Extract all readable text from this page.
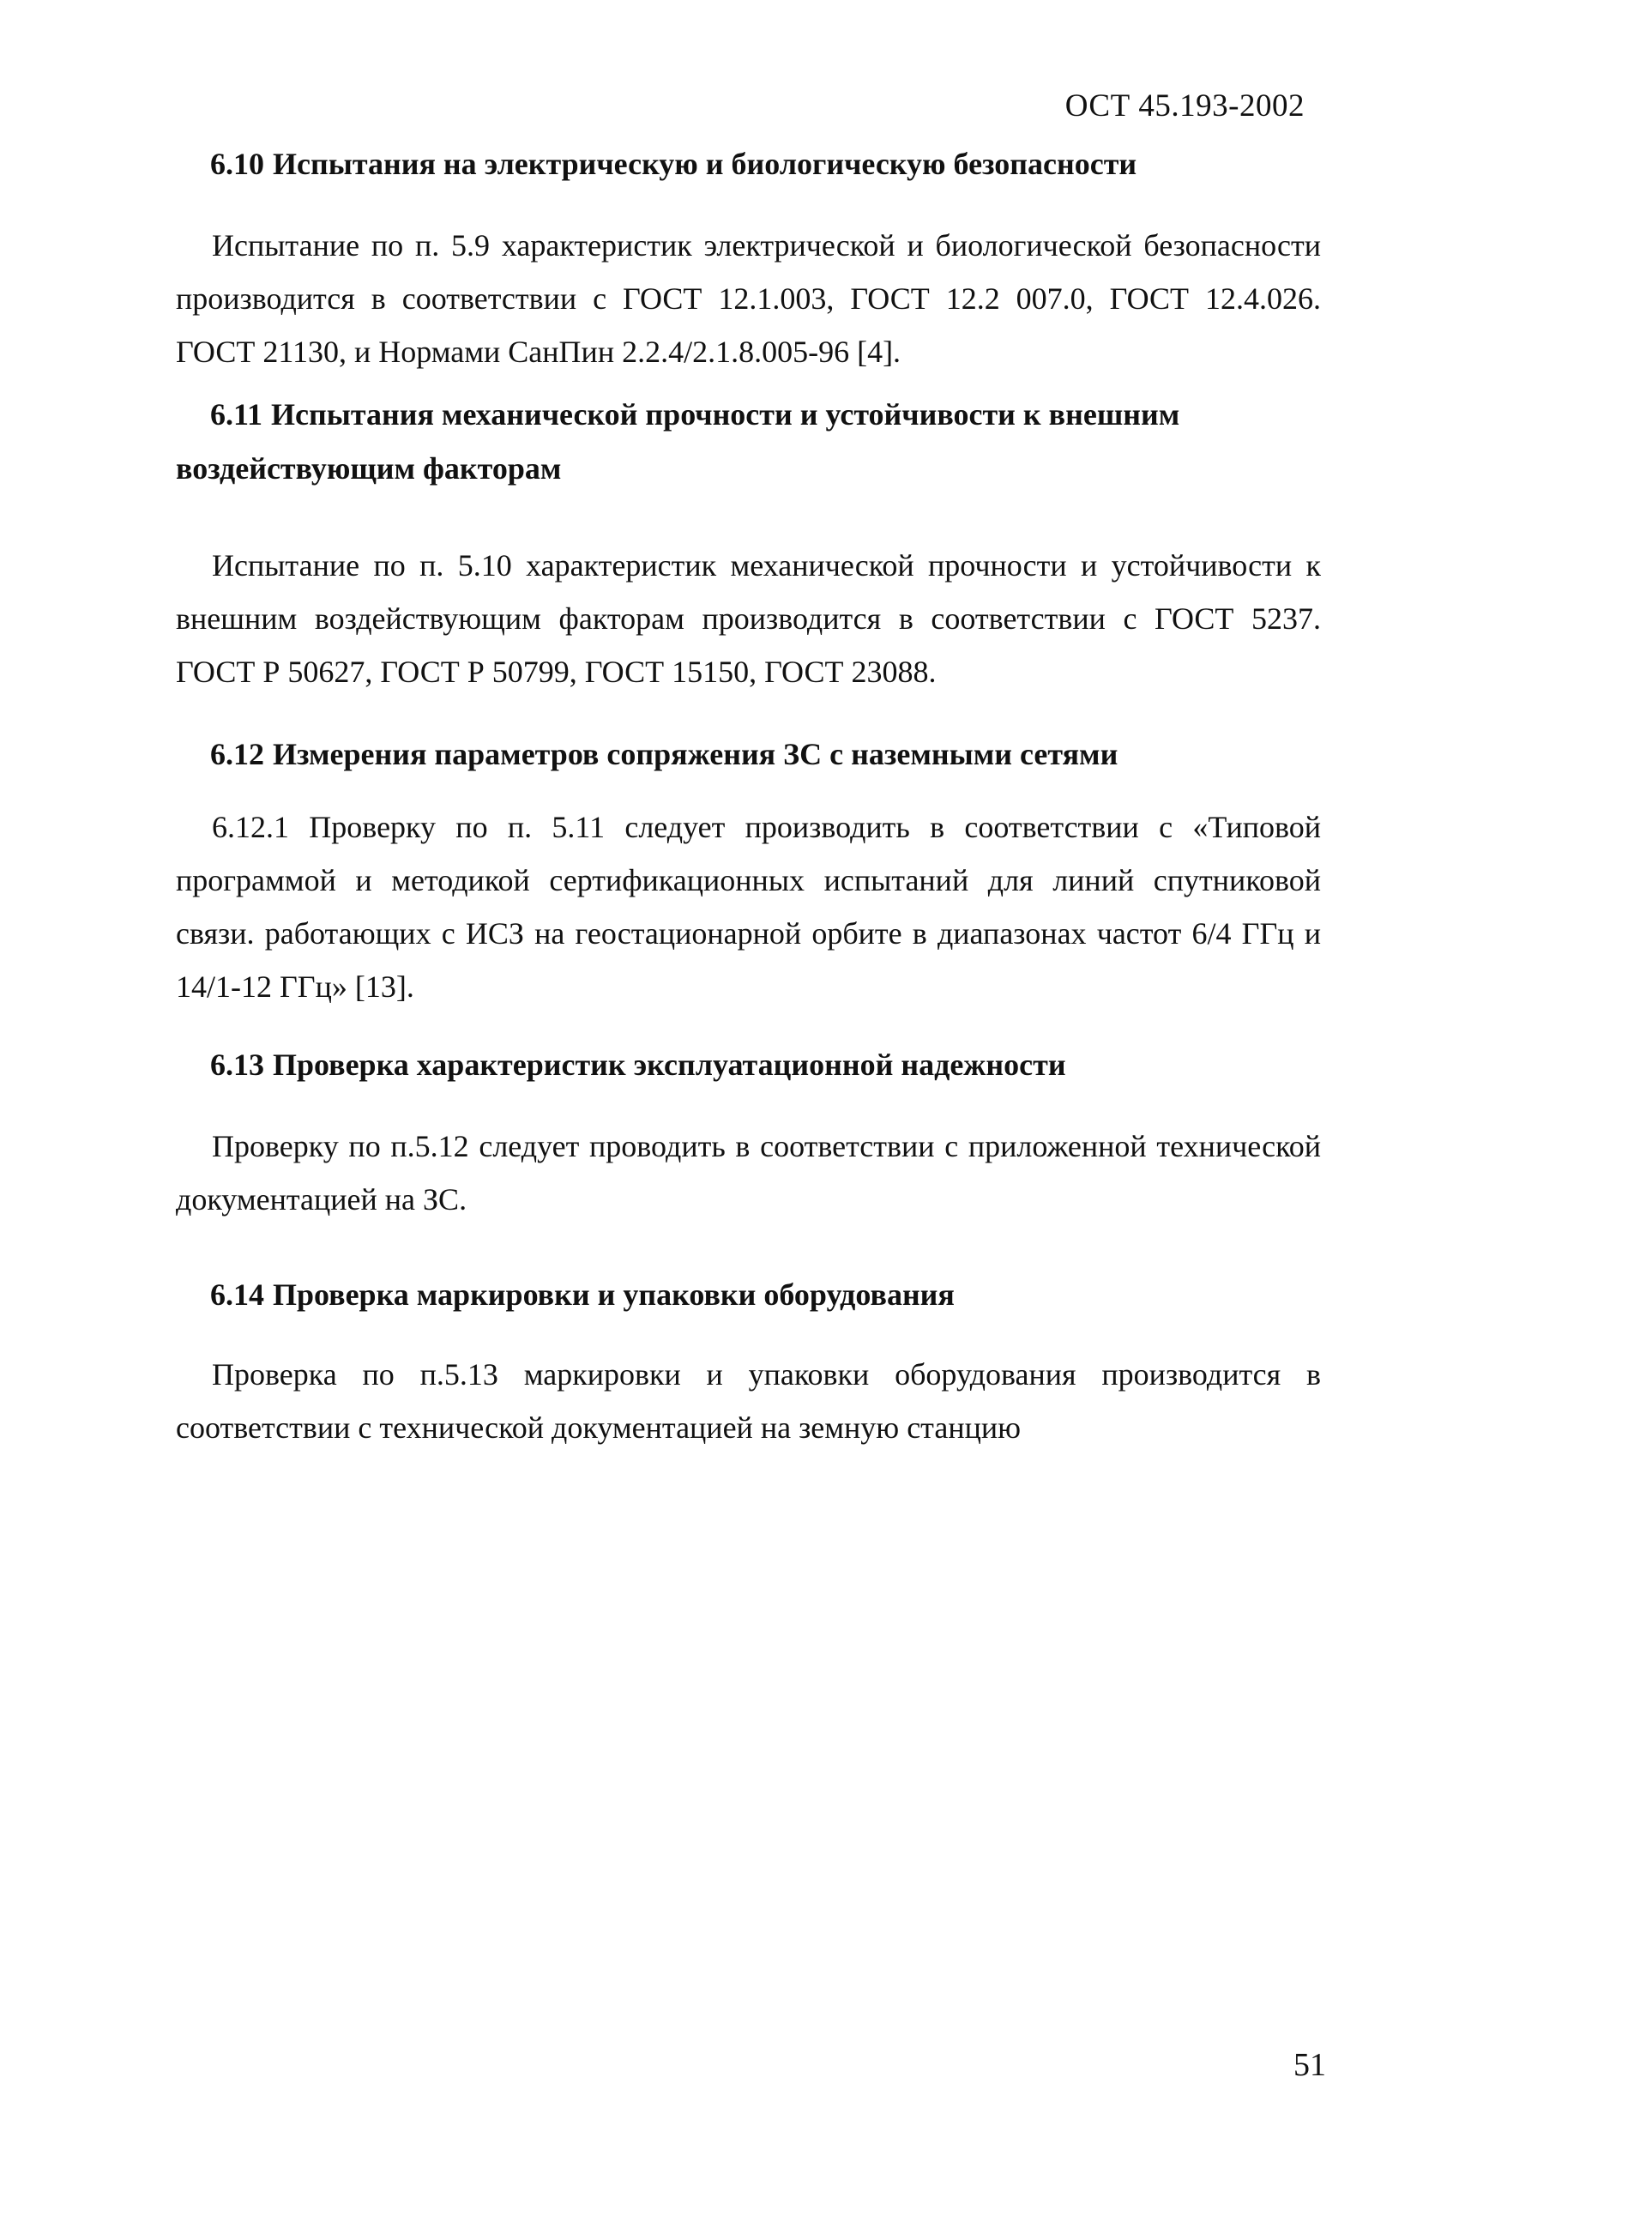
ОСТ 45.193-2002

6.10 Испытания на электрическую и биологическую безопасности

Испытание по п. 5.9 характеристик электрической и биологической безопасности производится в соответствии с ГОСТ 12.1.003, ГОСТ 12.2 007.0, ГОСТ 12.4.026. ГОСТ 21130, и Нормами СанПин 2.2.4/2.1.8.005-96 [4].

6.11 Испытания механической прочности и устойчивости к внешним воздействующим факторам

Испытание по п. 5.10 характеристик механической прочности и устойчивости к внешним воздействующим факторам производится в соответствии с ГОСТ 5237. ГОСТ Р 50627, ГОСТ Р 50799, ГОСТ 15150, ГОСТ 23088.

6.12 Измерения параметров сопряжения ЗС с наземными сетями

6.12.1 Проверку по п. 5.11 следует производить в соответствии с «Типовой программой и методикой сертификационных испытаний для линий спутниковой связи. работающих с ИСЗ на геостационарной орбите в диапазонах частот 6/4 ГГц и 14/1-12 ГГц» [13].

6.13 Проверка характеристик эксплуатационной надежности

Проверку по п.5.12 следует проводить в соответствии с приложенной технической документацией на ЗС.

6.14 Проверка маркировки и упаковки оборудования

Проверка по п.5.13 маркировки и упаковки оборудования производится в соответствии с технической документацией на земную станцию

51
